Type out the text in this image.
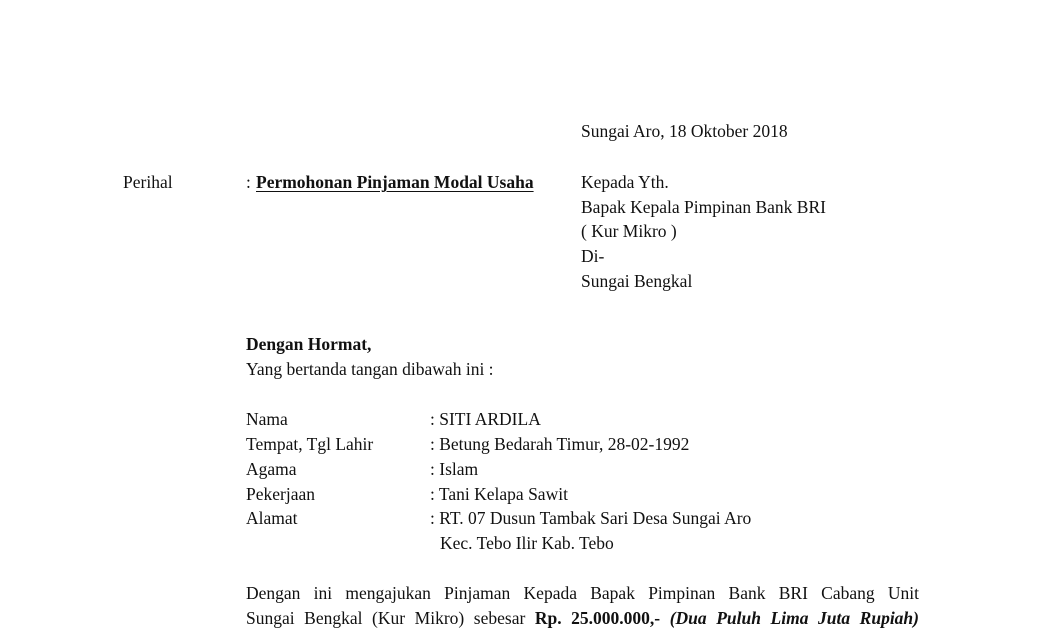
Sungai Aro, 18 Oktober 2018
Perihal	: Permohonan Pinjaman Modal Usaha	Kepada Yth.
Bapak Kepala Pimpinan Bank BRI
( Kur Mikro )
Di-
Sungai Bengkal
Dengan Hormat,
Yang bertanda tangan dibawah ini :
Nama	: SITI ARDILA
Tempat, Tgl Lahir	: Betung Bedarah Timur, 28-02-1992
Agama	: Islam
Pekerjaan	: Tani Kelapa Sawit
Alamat	: RT. 07 Dusun Tambak Sari Desa Sungai Aro
Kec. Tebo Ilir Kab. Tebo
Dengan ini mengajukan Pinjaman Kepada Bapak Pimpinan Bank BRI Cabang Unit
Sungai Bengkal (Kur Mikro) sebesar Rp. 25.000.000,- (Dua Puluh Lima Juta Rupiah)
